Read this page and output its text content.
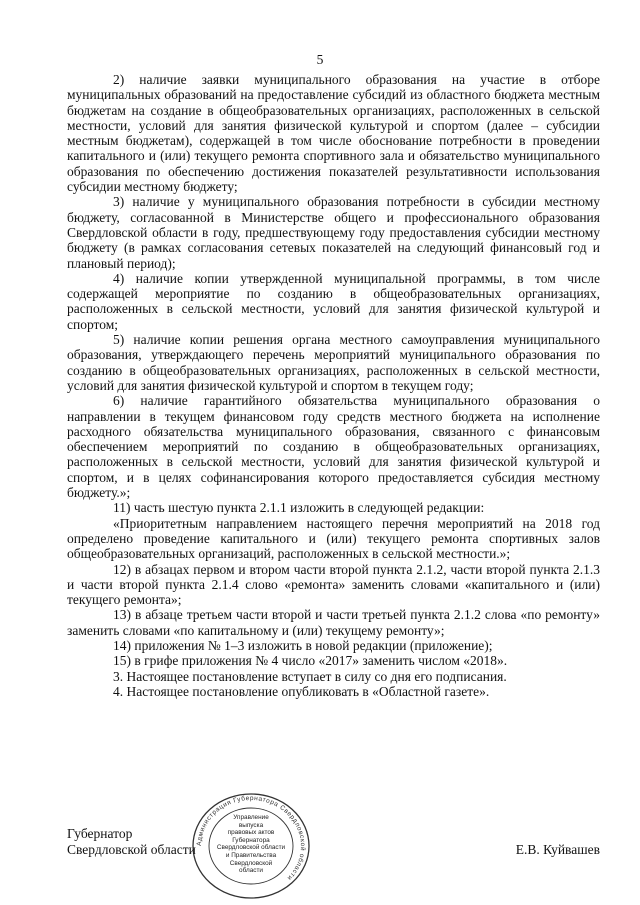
5

2) наличие заявки муниципального образования на участие в отборе муниципальных образований на предоставление субсидий из областного бюджета местным бюджетам на создание в общеобразовательных организациях, расположенных в сельской местности, условий для занятия физической культурой и спортом (далее – субсидии местным бюджетам), содержащей в том числе обоснование потребности в проведении капитального и (или) текущего ремонта спортивного зала и обязательство муниципального образования по обеспечению достижения показателей результативности использования субсидии местному бюджету;

3) наличие у муниципального образования потребности в субсидии местному бюджету, согласованной в Министерстве общего и профессионального образования Свердловской области в году, предшествующему году предоставления субсидии местному бюджету (в рамках согласования сетевых показателей на следующий финансовый год и плановый период);

4) наличие копии утвержденной муниципальной программы, в том числе содержащей мероприятие по созданию в общеобразовательных организациях, расположенных в сельской местности, условий для занятия физической культурой и спортом;

5) наличие копии решения органа местного самоуправления муниципального образования, утверждающего перечень мероприятий муниципального образования по созданию в общеобразовательных организациях, расположенных в сельской местности, условий для занятия физической культурой и спортом в текущем году;

6) наличие гарантийного обязательства муниципального образования о направлении в текущем финансовом году средств местного бюджета на исполнение расходного обязательства муниципального образования, связанного с финансовым обеспечением мероприятий по созданию в общеобразовательных организациях, расположенных в сельской местности, условий для занятия физической культурой и спортом, и в целях софинансирования которого предоставляется субсидия местному бюджету.»;

11) часть шестую пункта 2.1.1 изложить в следующей редакции:

«Приоритетным направлением настоящего перечня мероприятий на 2018 год определено проведение капитального и (или) текущего ремонта спортивных залов общеобразовательных организаций, расположенных в сельской местности.»;

12) в абзацах первом и втором части второй пункта 2.1.2, части второй пункта 2.1.3 и части второй пункта 2.1.4 слово «ремонта» заменить словами «капитального и (или) текущего ремонта»;

13) в абзаце третьем части второй и части третьей пункта 2.1.2 слова «по ремонту» заменить словами «по капитальному и (или) текущему ремонту»;

14) приложения № 1–3 изложить в новой редакции (приложение);

15) в грифе приложения № 4 число «2017» заменить числом «2018».

3. Настоящее постановление вступает в силу со дня его подписания.

4. Настоящее постановление опубликовать в «Областной газете».

Администрация Губернатора Свердловской области
Управление
выпуска
правовых актов
Губернатора
Свердловской области
и Правительства
Свердловской
области
Губернатор
Свердловской области	Е.В. Куйвашев
